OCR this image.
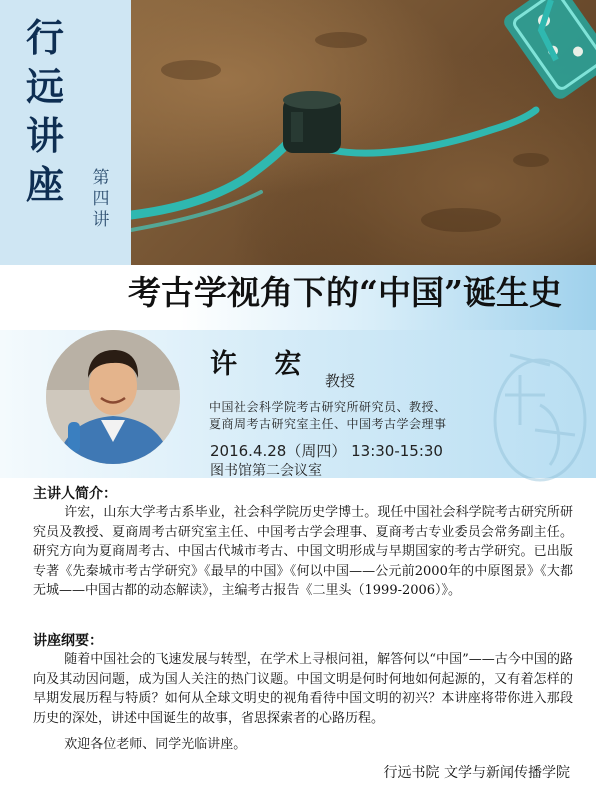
行
远
讲
座 第
四
讲
考古学视角下的“中国”诞生史
许 宏
教授
中国社会科学院考古研究所研究员、教授、
夏商周考古研究室主任、中国考古学会理事
2016.4.28（周四） 13:30-15:30
图书馆第二会议室
主讲人简介：

许宏，山东大学考古系毕业，社会科学院历史学博士。现任中国社会科学院考古研究所研究员及教授、夏商周考古研究室主任、中国考古学会理事、夏商考古专业委员会常务副主任。研究方向为夏商周考古、中国古代城市考古、中国文明形成与早期国家的考古学研究。已出版专著《先秦城市考古学研究》《最早的中国》《何以中国——公元前2000年的中原图景》《大都无城——中国古都的动态解读》，主编考古报告《二里头（1999-2006）》。

讲座纲要：

随着中国社会的飞速发展与转型，在学术上寻根问祖，解答何以“中国”——古今中国的路向及其动因问题，成为国人关注的热门议题。中国文明是何时何地如何起源的，又有着怎样的早期发展历程与特质？如何从全球文明史的视角看待中国文明的初兴？本讲座将带你进入那段历史的深处，讲述中国诞生的故事，省思探索者的心路历程。

欢迎各位老师、同学光临讲座。

行远书院 文学与新闻传播学院
